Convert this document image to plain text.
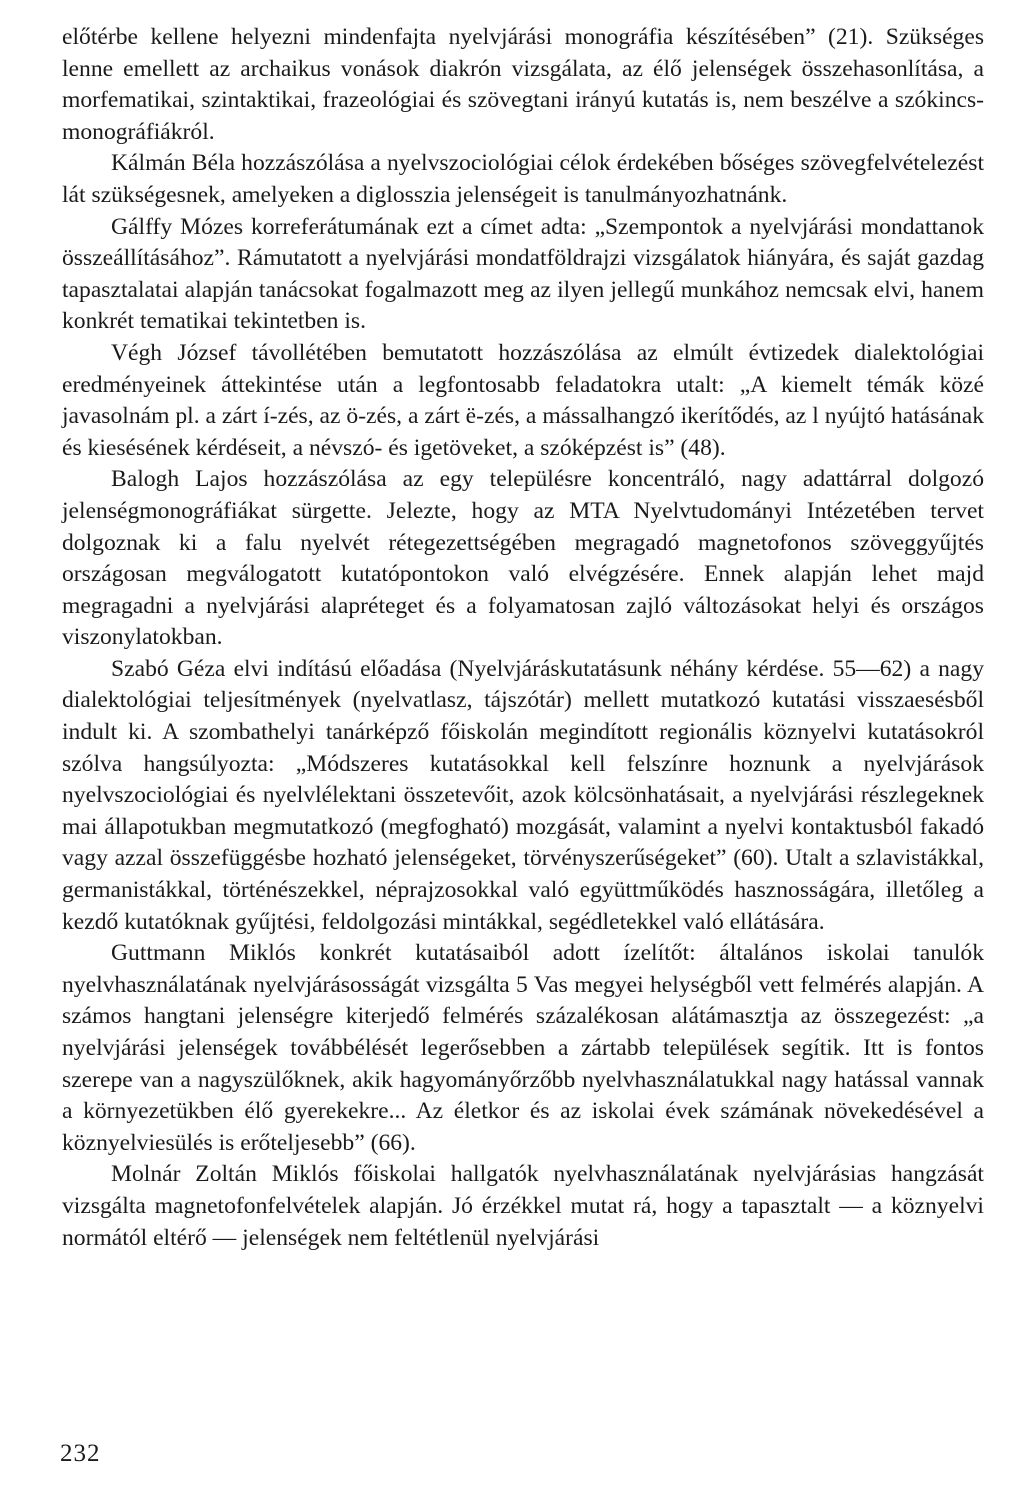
előtérbe kellene helyezni mindenfajta nyelvjárási monográfia készítésében” (21). Szükséges lenne emellett az archaikus vonások diakrón vizsgálata, az élő jelenségek összehasonlítása, a morfematikai, szintaktikai, frazeológiai és szövegtani irányú kutatás is, nem beszélve a szókincs-monográfiákról.

Kálmán Béla hozzászólása a nyelvszociológiai célok érdekében bőséges szövegfelvételezést lát szükségesnek, amelyeken a diglosszia jelenségeit is tanulmányozhatnánk.

Gálffy Mózes korreferátumának ezt a címet adta: „Szempontok a nyelvjárási mondattanok összeállításához”. Rámutatott a nyelvjárási mondatföldrajzi vizsgálatok hiányára, és saját gazdag tapasztalatai alapján tanácsokat fogalmazott meg az ilyen jellegű munkához nemcsak elvi, hanem konkrét tematikai tekintetben is.

Végh József távollétében bemutatott hozzászólása az elmúlt évtizedek dialektológiai eredményeinek áttekintése után a legfontosabb feladatokra utalt: „A kiemelt témák közé javasolnám pl. a zárt í-zés, az ö-zés, a zárt ë-zés, a mássalhangzó ikerítődés, az l nyújtó hatásának és kiesésének kérdéseit, a névszó- és igetöveket, a szóképzést is” (48).

Balogh Lajos hozzászólása az egy településre koncentráló, nagy adattárral dolgozó jelenségmonográfiákat sürgette. Jelezte, hogy az MTA Nyelvtudományi Intézetében tervet dolgoznak ki a falu nyelvét rétegezettségében megragadó magnetofonos szöveggyűjtés országosan megválogatott kutatópontokon való elvégzésére. Ennek alapján lehet majd megragadni a nyelvjárási alapréteget és a folyamatosan zajló változásokat helyi és országos viszonylatokban.

Szabó Géza elvi indítású előadása (Nyelvjáráskutatásunk néhány kérdése. 55—62) a nagy dialektológiai teljesítmények (nyelvatlasz, tájszótár) mellett mutatkozó kutatási visszaesésből indult ki. A szombathelyi tanárképző főiskolán megindított regionális köznyelvi kutatásokról szólva hangsúlyozta: „Módszeres kutatásokkal kell felszínre hoznunk a nyelvjárások nyelvszociológiai és nyelvlélektani összetevőit, azok kölcsönhatásait, a nyelvjárási részlegeknek mai állapotukban megmutatkozó (megfogható) mozgását, valamint a nyelvi kontaktusból fakadó vagy azzal összefüggésbe hozható jelenségeket, törvényszerűségeket” (60). Utalt a szlavistákkal, germanistákkal, történészekkel, néprajzosokkal való együttműködés hasznosságára, illetőleg a kezdő kutatóknak gyűjtési, feldolgozási mintákkal, segédletekkel való ellátására.

Guttmann Miklós konkrét kutatásaiból adott ízelítőt: általános iskolai tanulók nyelvhasználatának nyelvjárásosságát vizsgálta 5 Vas megyei helységből vett felmérés alapján. A számos hangtani jelenségre kiterjedő felmérés százalékosan alátámasztja az összegezést: „a nyelvjárási jelenségek továbbélését legerősebben a zártabb települések segítik. Itt is fontos szerepe van a nagyszülőknek, akik hagyományőrzőbb nyelvhasználatukkal nagy hatással vannak a környezetükben élő gyerekekre... Az életkor és az iskolai évek számának növekedésével a köznyelviesülés is erőteljesebb” (66).

Molnár Zoltán Miklós főiskolai hallgatók nyelvhasználatának nyelvjárásias hangzását vizsgálta magnetofonfelvételek alapján. Jó érzékkel mutat rá, hogy a tapasztalt — a köznyelvi normától eltérő — jelenségek nem feltétlenül nyelvjárási

232
